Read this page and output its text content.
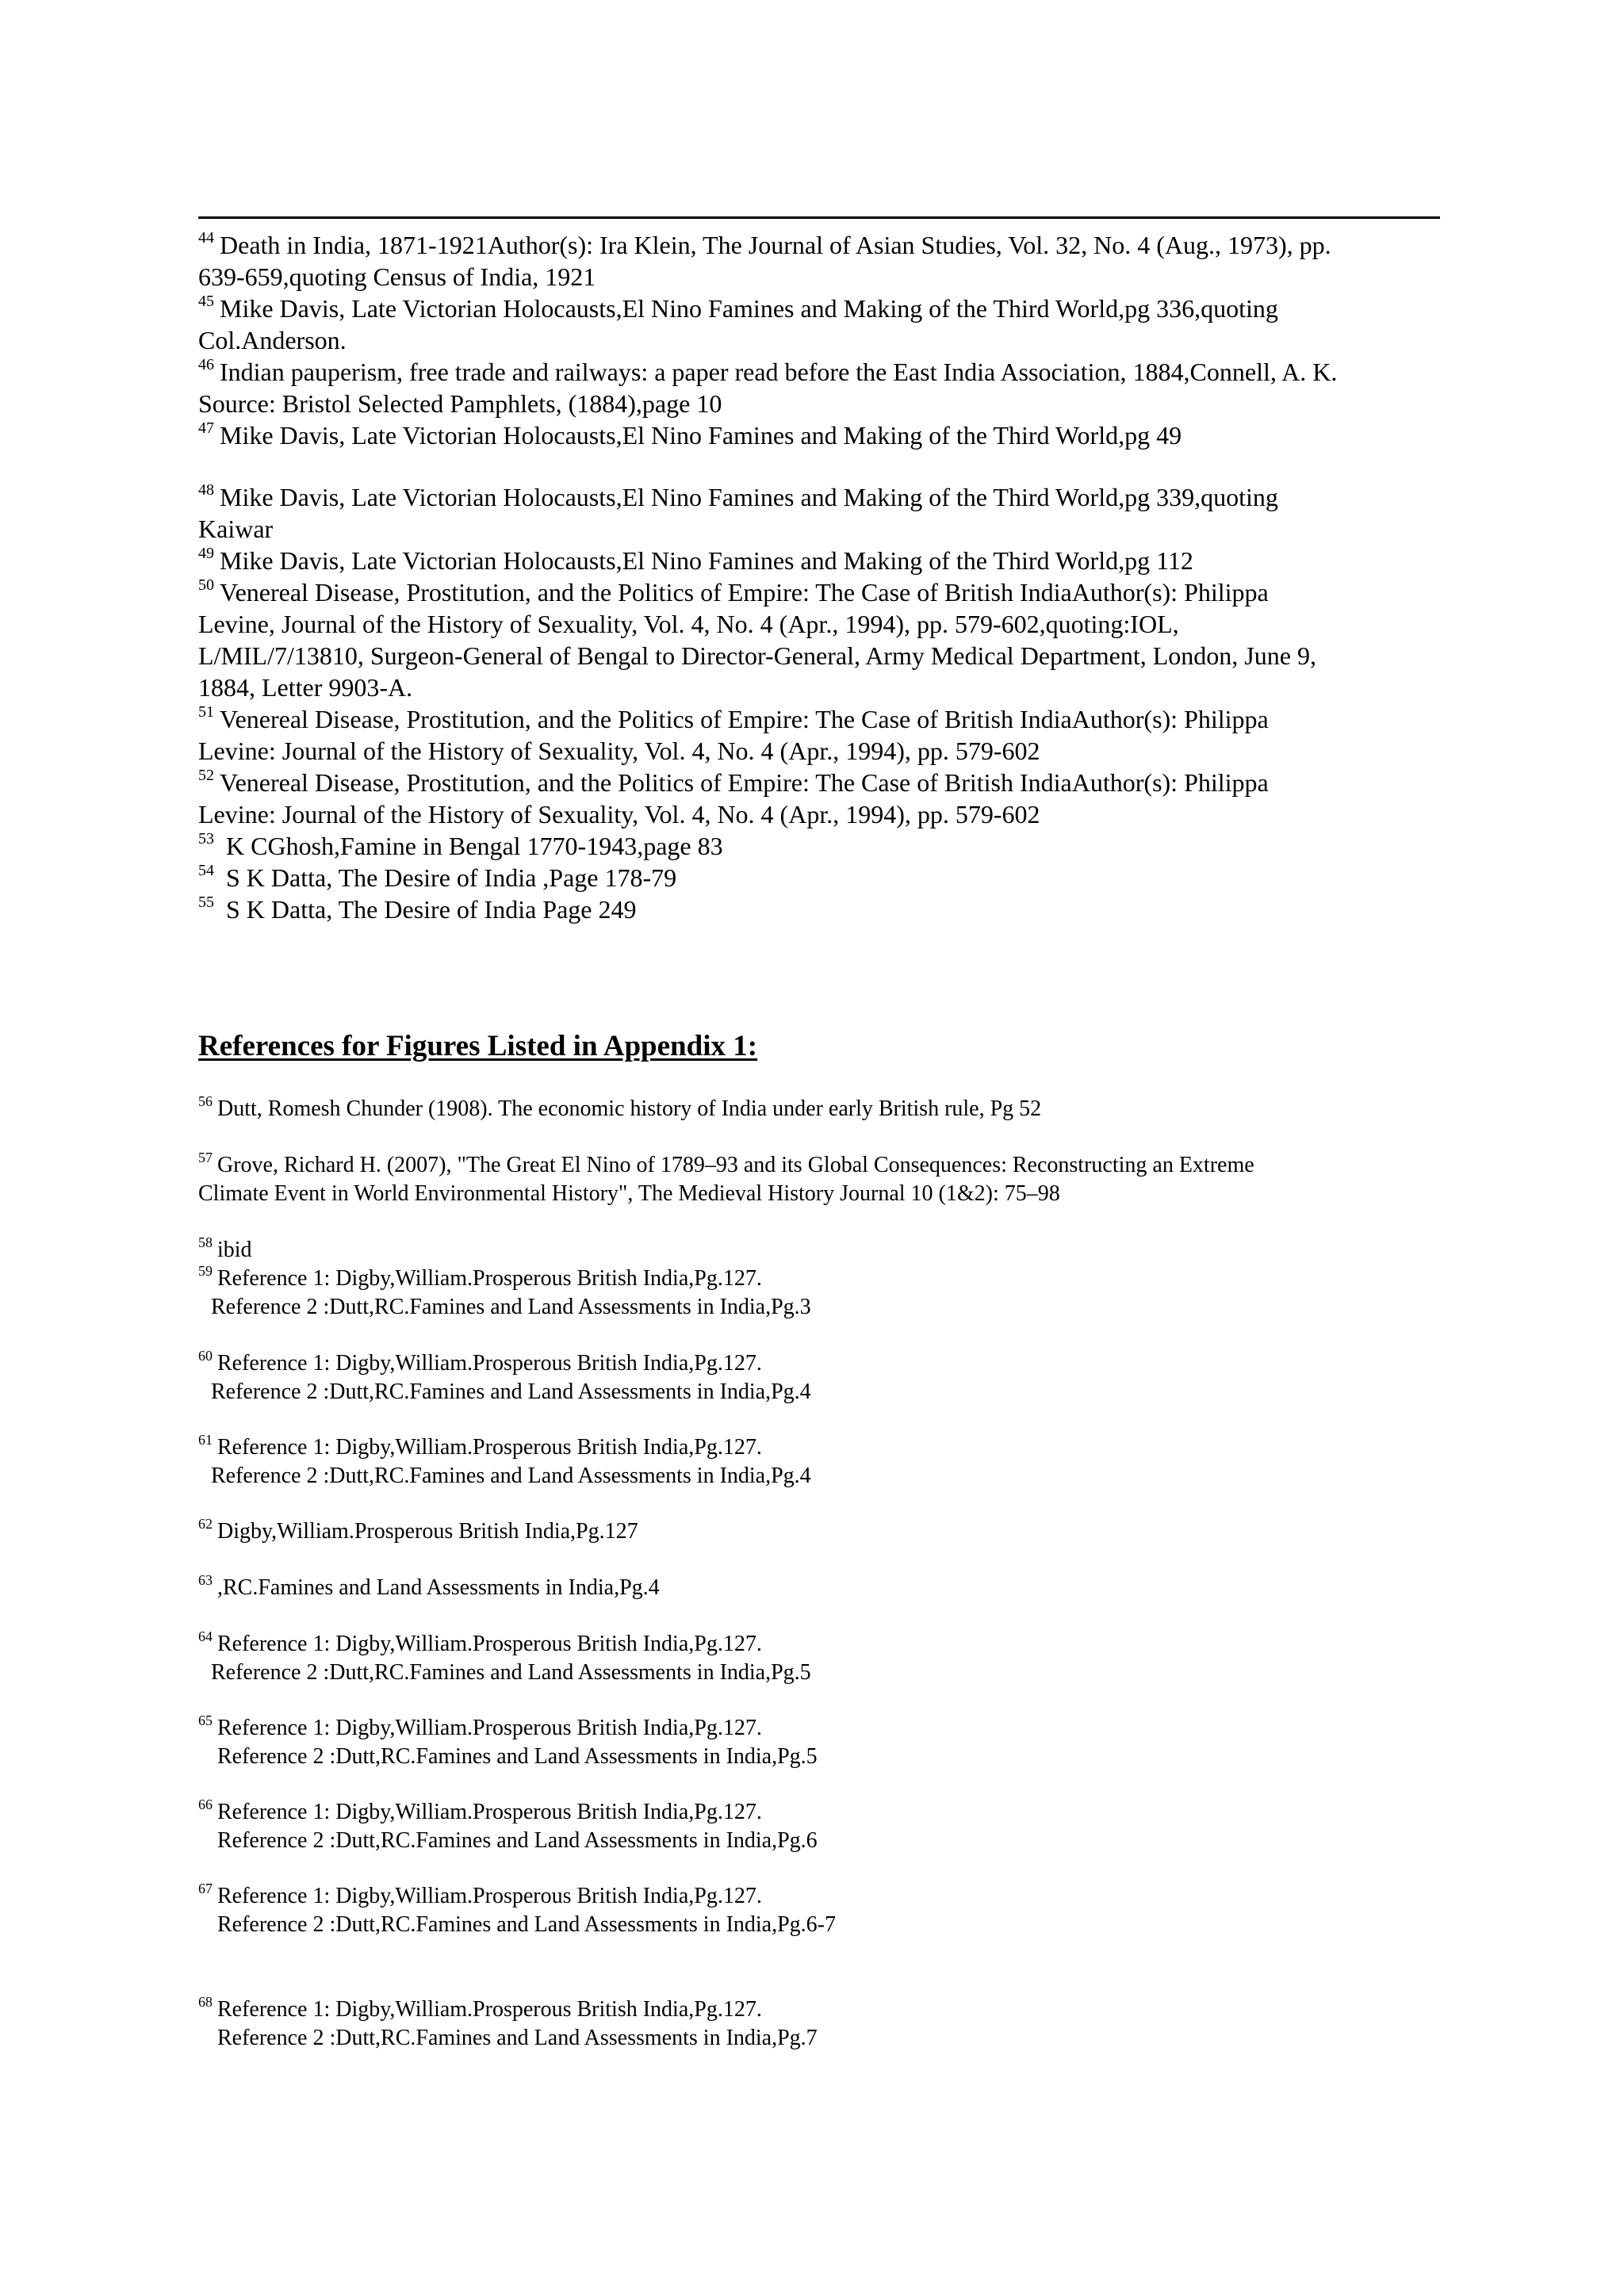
$^{44}$ Death in India, 1871-1921Author(s): Ira Klein, The Journal of Asian Studies, Vol. 32, No. 4 (Aug., 1973), pp.
639-659,quoting Census of India, 1921
$^{45}$ Mike Davis, Late Victorian Holocausts,El Nino Famines and Making of the Third World,pg 336,quoting
Col.Anderson.
$^{46}$ Indian pauperism, free trade and railways: a paper read before the East India Association, 1884,Connell, A. K.
Source: Bristol Selected Pamphlets, (1884),page 10
$^{47}$ Mike Davis, Late Victorian Holocausts,El Nino Famines and Making of the Third World,pg 49
$^{48}$ Mike Davis, Late Victorian Holocausts,El Nino Famines and Making of the Third World,pg 339,quoting
Kaiwar
$^{49}$ Mike Davis, Late Victorian Holocausts,El Nino Famines and Making of the Third World,pg 112
$^{50}$ Venereal Disease, Prostitution, and the Politics of Empire: The Case of British IndiaAuthor(s): Philippa
Levine, Journal of the History of Sexuality, Vol. 4, No. 4 (Apr., 1994), pp. 579-602,quoting:IOL,
L/MIL/7/13810, Surgeon-General of Bengal to Director-General, Army Medical Department, London, June 9,
1884, Letter 9903-A.
$^{51}$ Venereal Disease, Prostitution, and the Politics of Empire: The Case of British IndiaAuthor(s): Philippa
Levine: Journal of the History of Sexuality, Vol. 4, No. 4 (Apr., 1994), pp. 579-602
$^{52}$ Venereal Disease, Prostitution, and the Politics of Empire: The Case of British IndiaAuthor(s): Philippa
Levine: Journal of the History of Sexuality, Vol. 4, No. 4 (Apr., 1994), pp. 579-602
$^{53}$ K CGhosh,Famine in Bengal 1770-1943,page 83
$^{54}$ S K Datta, The Desire of India ,Page 178-79
$^{55}$ S K Datta, The Desire of India Page 249
References for Figures Listed in Appendix 1:
$^{56}$ Dutt, Romesh Chunder (1908). The economic history of India under early British rule, Pg 52
$^{57}$ Grove, Richard H. (2007), "The Great El Nino of 1789–93 and its Global Consequences: Reconstructing an Extreme
Climate Event in World Environmental History", The Medieval History Journal 10 (1&2): 75–98
$^{58}$ ibid
$^{59}$ Reference 1: Digby,William.Prosperous British India,Pg.127.
Reference 2 :Dutt,RC.Famines and Land Assessments in India,Pg.3
$^{60}$ Reference 1: Digby,William.Prosperous British India,Pg.127.
Reference 2 :Dutt,RC.Famines and Land Assessments in India,Pg.4
$^{61}$ Reference 1: Digby,William.Prosperous British India,Pg.127.
Reference 2 :Dutt,RC.Famines and Land Assessments in India,Pg.4
$^{62}$ Digby,William.Prosperous British India,Pg.127
$^{63}$ ,RC.Famines and Land Assessments in India,Pg.4
$^{64}$ Reference 1: Digby,William.Prosperous British India,Pg.127.
Reference 2 :Dutt,RC.Famines and Land Assessments in India,Pg.5
$^{65}$ Reference 1: Digby,William.Prosperous British India,Pg.127.
Reference 2 :Dutt,RC.Famines and Land Assessments in India,Pg.5
$^{66}$ Reference 1: Digby,William.Prosperous British India,Pg.127.
Reference 2 :Dutt,RC.Famines and Land Assessments in India,Pg.6
$^{67}$ Reference 1: Digby,William.Prosperous British India,Pg.127.
Reference 2 :Dutt,RC.Famines and Land Assessments in India,Pg.6-7
$^{68}$ Reference 1: Digby,William.Prosperous British India,Pg.127.
Reference 2 :Dutt,RC.Famines and Land Assessments in India,Pg.7
